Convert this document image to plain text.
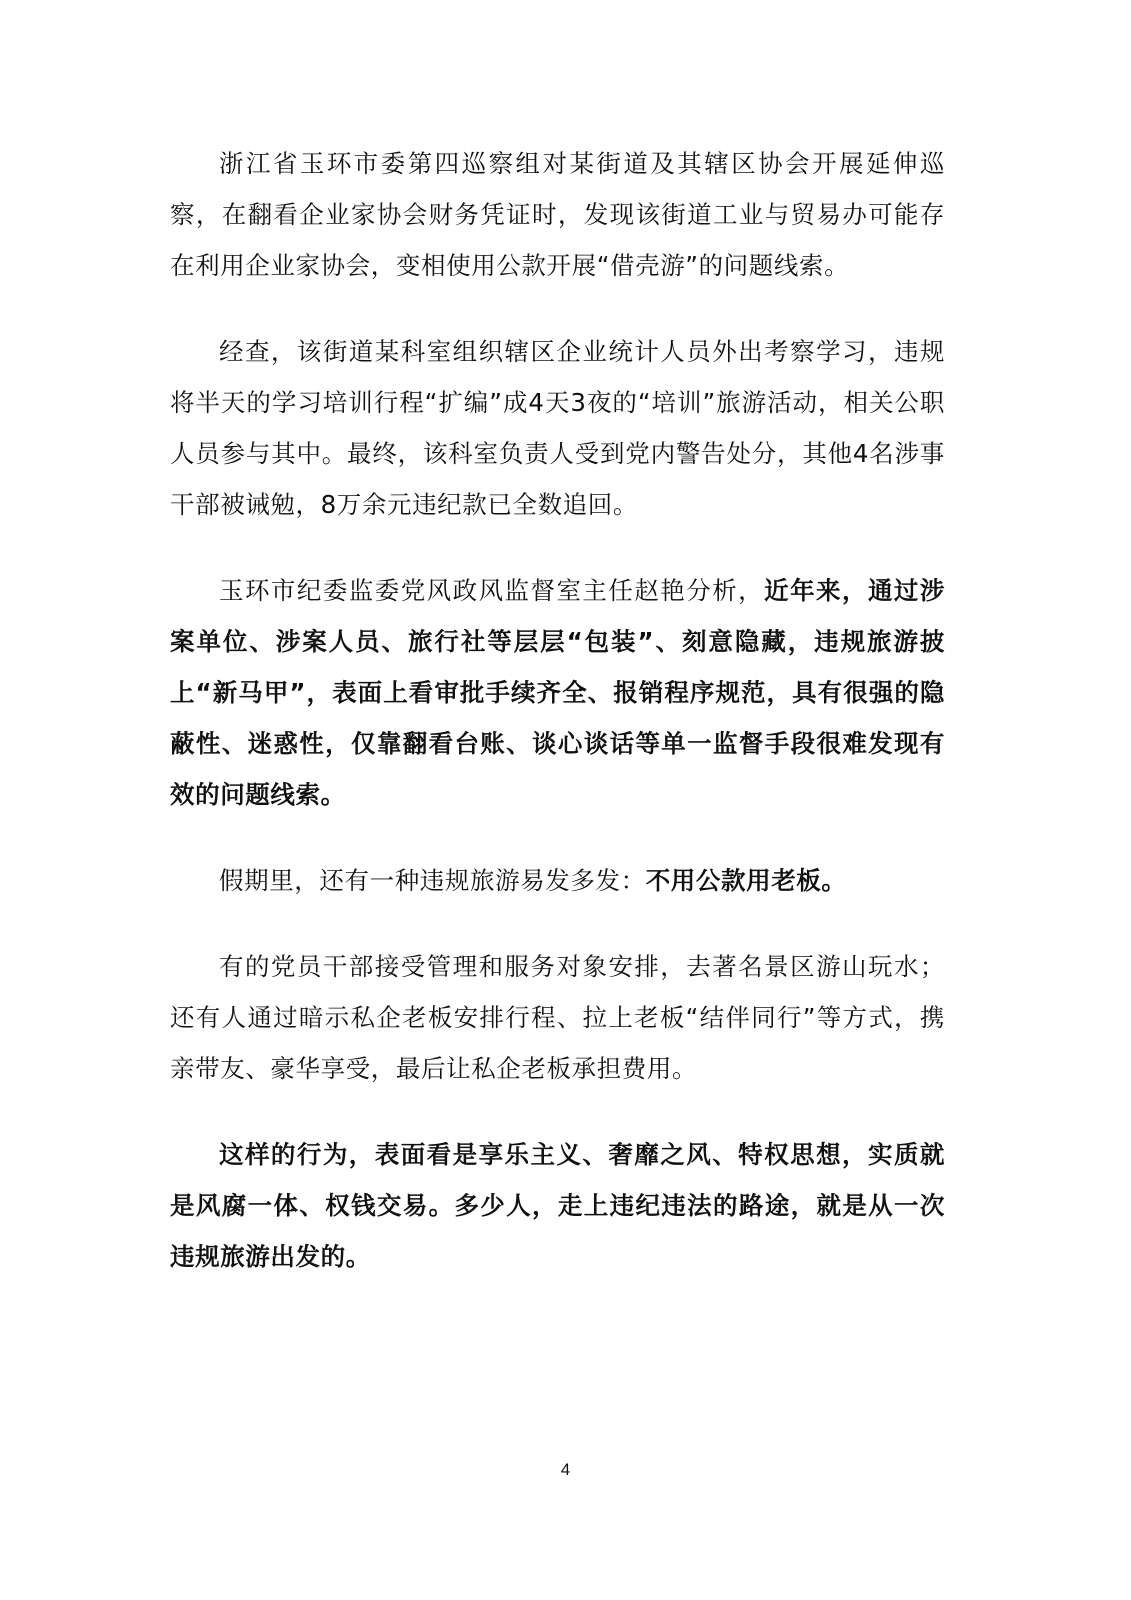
浙江省玉环市委第四巡察组对某街道及其辖区协会开展延伸巡察，在翻看企业家协会财务凭证时，发现该街道工业与贸易办可能存在利用企业家协会，变相使用公款开展“借壳游”的问题线索。

经查，该街道某科室组织辖区企业统计人员外出考察学习，违规将半天的学习培训行程“扩编”成4天3夜的“培训”旅游活动，相关公职人员参与其中。最终，该科室负责人受到党内警告处分，其他4名涉事干部被诫勉，8万余元违纪款已全数追回。

玉环市纪委监委党风政风监督室主任赵艳分析，近年来，通过涉案单位、涉案人员、旅行社等层层“包装”、刻意隐藏，违规旅游披上“新马甲”，表面上看审批手续齐全、报销程序规范，具有很强的隐蔽性、迷惑性，仅靠翻看台账、谈心谈话等单一监督手段很难发现有效的问题线索。

假期里，还有一种违规旅游易发多发：不用公款用老板。

有的党员干部接受管理和服务对象安排，去著名景区游山玩水；还有人通过暗示私企老板安排行程、拉上老板“结伴同行”等方式，携亲带友、豪华享受，最后让私企老板承担费用。

这样的行为，表面看是享乐主义、奢靡之风、特权思想，实质就是风腐一体、权钱交易。多少人，走上违纪违法的路途，就是从一次违规旅游出发的。

4
